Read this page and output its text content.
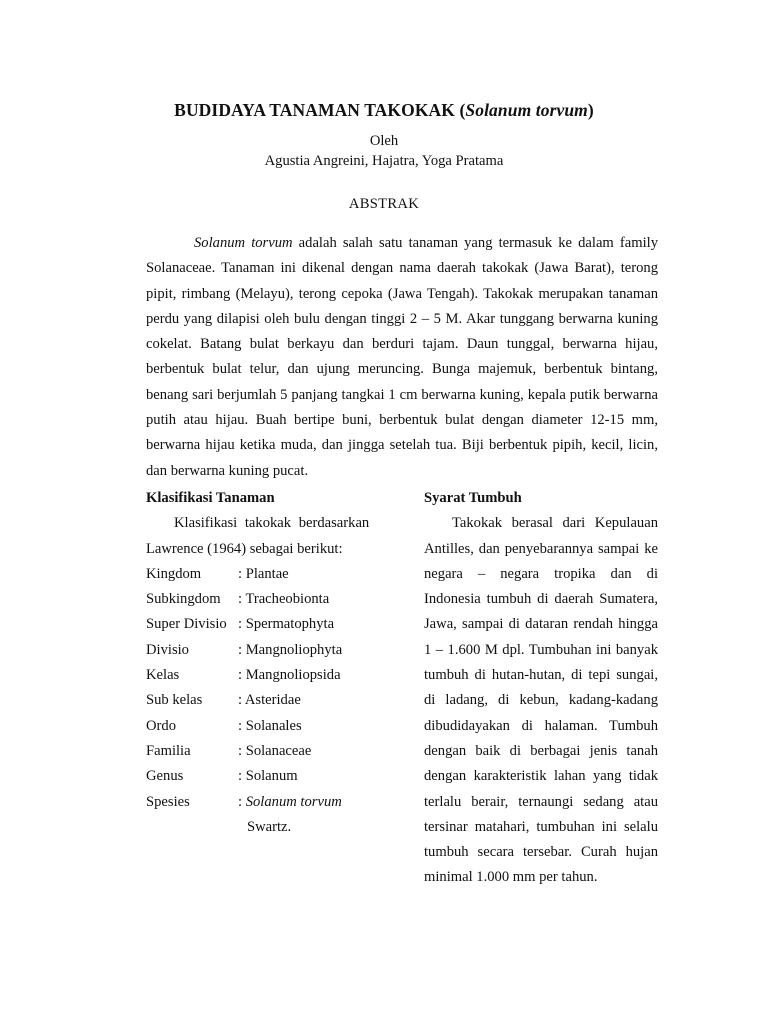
BUDIDAYA TANAMAN TAKOKAK (Solanum torvum)
Oleh
Agustia Angreini, Hajatra, Yoga Pratama
ABSTRAK

Solanum torvum adalah salah satu tanaman yang termasuk ke dalam family Solanaceae. Tanaman ini dikenal dengan nama daerah takokak (Jawa Barat), terong pipit, rimbang (Melayu), terong cepoka (Jawa Tengah). Takokak merupakan tanaman perdu yang dilapisi oleh bulu dengan tinggi 2 – 5 M. Akar tunggang berwarna kuning cokelat. Batang bulat berkayu dan berduri tajam. Daun tunggal, berwarna hijau, berbentuk bulat telur, dan ujung meruncing. Bunga majemuk, berbentuk bintang, benang sari berjumlah 5 panjang tangkai 1 cm berwarna kuning, kepala putik berwarna putih atau hijau. Buah bertipe buni, berbentuk bulat dengan diameter 12-15 mm, berwarna hijau ketika muda, dan jingga setelah tua. Biji berbentuk pipih, kecil, licin, dan berwarna kuning pucat.

Klasifikasi Tanaman

Klasifikasi takokak berdasarkan
Lawrence (1964) sebagai berikut:
Kingdom	: Plantae
Subkingdom	: Tracheobionta
Super Divisio : Spermatophyta
Divisio	: Mangnoliophyta
Kelas	: Mangnoliopsida
Sub kelas	: Asteridae
Ordo	: Solanales
Familia	: Solanaceae
Genus	: Solanum
Spesies	: Solanum torvum
Swartz.

Syarat Tumbuh

Takokak berasal dari Kepulauan Antilles, dan penyebarannya sampai ke negara – negara tropika dan di Indonesia tumbuh di daerah Sumatera, Jawa, sampai di dataran rendah hingga 1 – 1.600 M dpl. Tumbuhan ini banyak tumbuh di hutan-hutan, di tepi sungai, di ladang, di kebun, kadang-kadang dibudidayakan di halaman. Tumbuh dengan baik di berbagai jenis tanah dengan karakteristik lahan yang tidak terlalu berair, ternaungi sedang atau tersinar matahari, tumbuhan ini selalu tumbuh secara tersebar. Curah hujan minimal 1.000 mm per tahun.
